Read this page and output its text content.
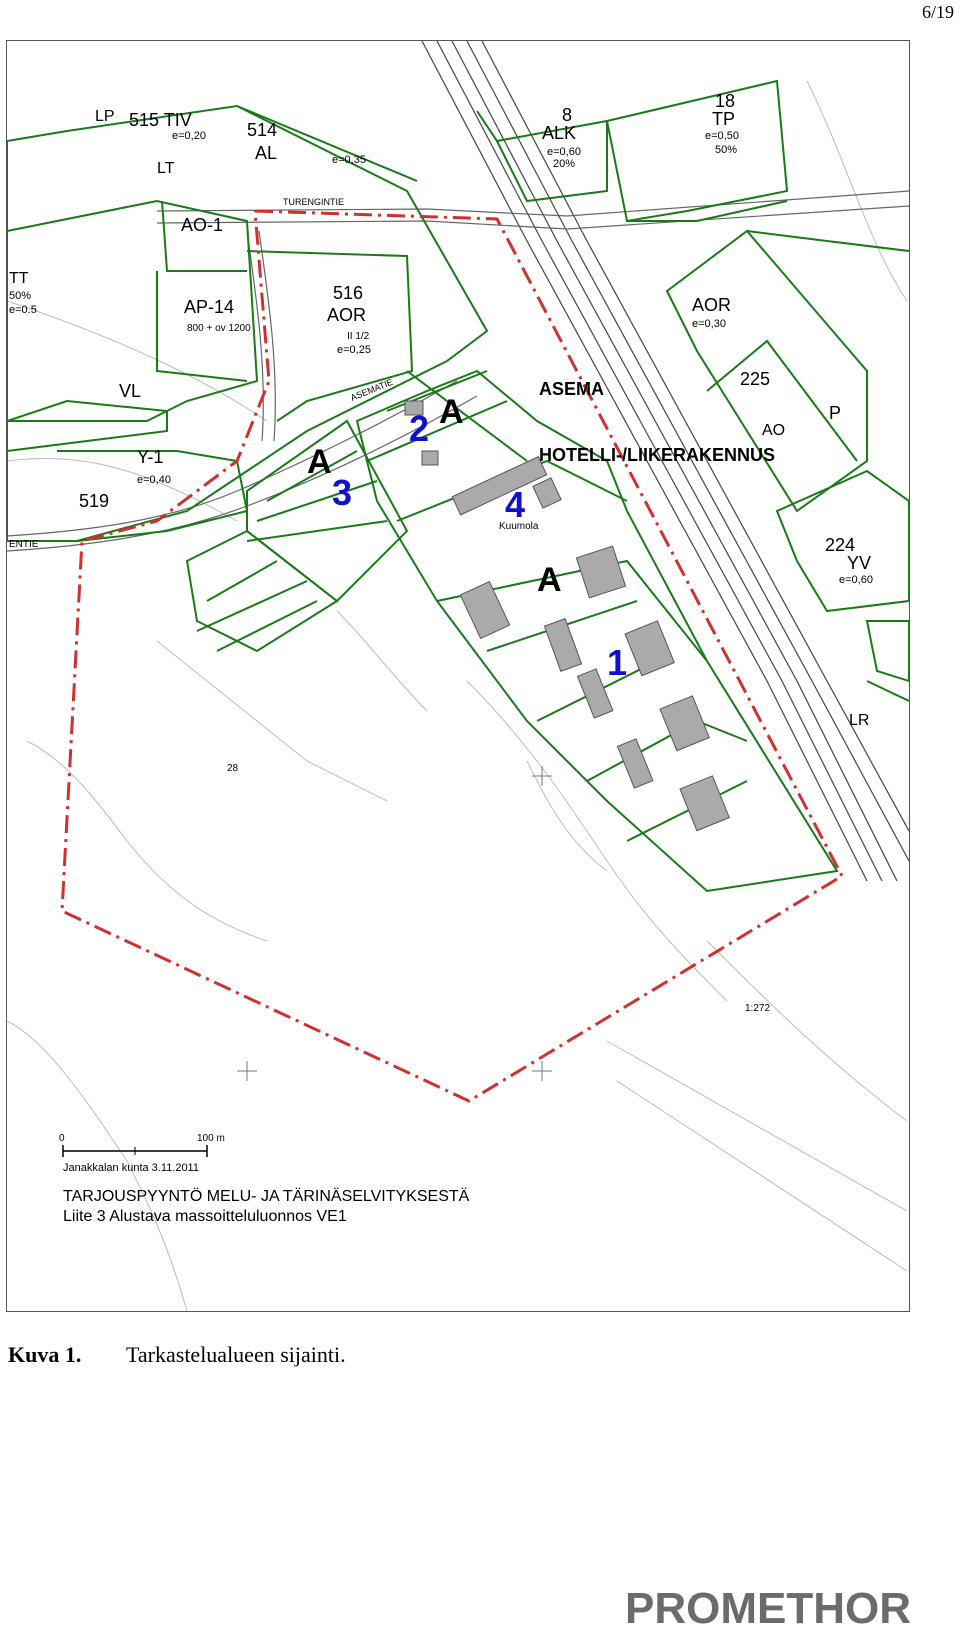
6/19
LP 515 TIV
e=0,20 514
AL	e=0,35
LT
AO-1
TT
50%
e=0.5	AP-14
800 + ov 1200
516
AOR
II 1/2
e=0,25
VL
Y-1
e=0,40
519
ENTIE
8
ALK
e=0,60
20%
18
TP
e=0,50
50%
AOR
e=0,30
225
AO
P
224
YV
e=0,60
LR
TURENGINTIE
ASEMATIE
Kuumola
28
1:272
A
A
A
1
2
3	4
ASEMA
HOTELLI-/LIIKERAKENNUS
0	100 m
Janakkalan kunta 3.11.2011
TARJOUSPYYNTÖ MELU- JA TÄRINÄSELVITYKSESTÄ
Liite 3 Alustava massoitteluluonnos VE1
Kuva 1. Tarkastelualueen sijainti.
PROMETHOR
